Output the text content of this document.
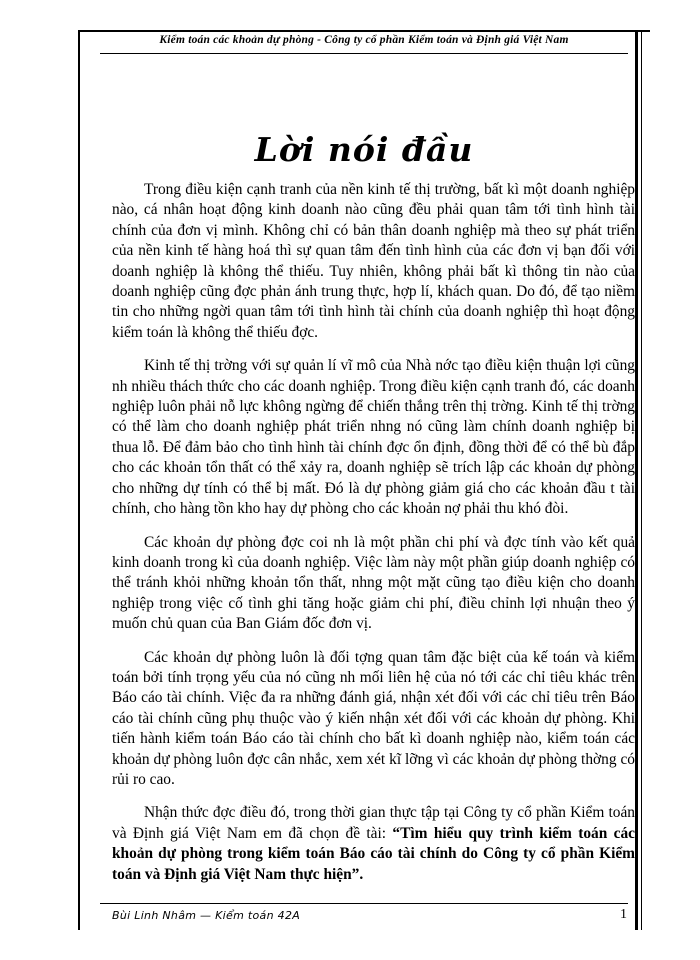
Kiểm toán các khoản dự phòng - Công ty cổ phần Kiểm toán và Định giá Việt Nam
Lời nói đầu

Trong điều kiện cạnh tranh của nền kinh tế thị trường, bất kì một doanh nghiệp nào, cá nhân hoạt động kinh doanh nào cũng đều phải quan tâm tới tình hình tài chính của đơn vị mình. Không chỉ có bản thân doanh nghiệp mà theo sự phát triển của nền kinh tế hàng hoá thì sự quan tâm đến tình hình của các đơn vị bạn đối với doanh nghiệp là không thể thiếu. Tuy nhiên, không phải bất kì thông tin nào của doanh nghiệp cũng đợc phản ánh trung thực, hợp lí, khách quan. Do đó, để tạo niềm tin cho những ngời quan tâm tới tình hình tài chính của doanh nghiệp thì hoạt động kiểm toán là không thể thiếu đợc.

Kinh tế thị trờng với sự quản lí vĩ mô của Nhà nớc tạo điều kiện thuận lợi cũng nh nhiều thách thức cho các doanh nghiệp. Trong điều kiện cạnh tranh đó, các doanh nghiệp luôn phải nỗ lực không ngừng để chiến thắng trên thị trờng. Kinh tế thị trờng có thể làm cho doanh nghiệp phát triển nhng nó cũng làm chính doanh nghiệp bị thua lỗ. Để đảm bảo cho tình hình tài chính đợc ổn định, đồng thời để có thể bù đắp cho các khoản tổn thất có thể xảy ra, doanh nghiệp sẽ trích lập các khoản dự phòng cho những dự tính có thể bị mất. Đó là dự phòng giảm giá cho các khoản đầu t tài chính, cho hàng tồn kho hay dự phòng cho các khoản nợ phải thu khó đòi.

Các khoản dự phòng đợc coi nh là một phần chi phí và đợc tính vào kết quả kinh doanh trong kì của doanh nghiệp. Việc làm này một phần giúp doanh nghiệp có thể tránh khỏi những khoản tổn thất, nhng một mặt cũng tạo điều kiện cho doanh nghiệp trong việc cố tình ghi tăng hoặc giảm chi phí, điều chỉnh lợi nhuận theo ý muốn chủ quan của Ban Giám đốc đơn vị.

Các khoản dự phòng luôn là đối tợng quan tâm đặc biệt của kế toán và kiểm toán bởi tính trọng yếu của nó cũng nh mối liên hệ của nó tới các chỉ tiêu khác trên Báo cáo tài chính. Việc đa ra những đánh giá, nhận xét đối với các chỉ tiêu trên Báo cáo tài chính cũng phụ thuộc vào ý kiến nhận xét đối với các khoản dự phòng. Khi tiến hành kiểm toán Báo cáo tài chính cho bất kì doanh nghiệp nào, kiểm toán các khoản dự phòng luôn đợc cân nhắc, xem xét kĩ lỡng vì các khoản dự phòng thờng có rủi ro cao.

Nhận thức đợc điều đó, trong thời gian thực tập tại Công ty cổ phần Kiểm toán và Định giá Việt Nam em đã chọn đề tài: “Tìm hiểu quy trình kiểm toán các khoản dự phòng trong kiểm toán Báo cáo tài chính do Công ty cổ phần Kiểm toán và Định giá Việt Nam thực hiện”.

Bùi Linh Nhâm — Kiểm toán 42A	1
